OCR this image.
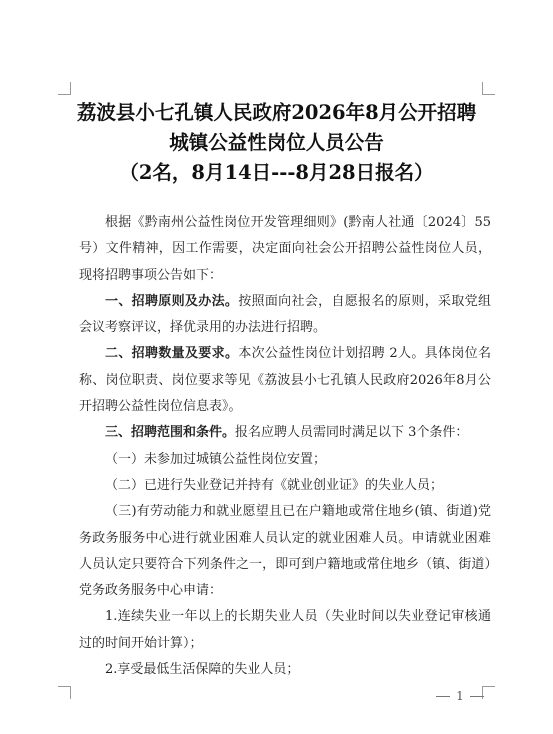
荔波县小七孔镇人民政府2026年8月公开招聘
城镇公益性岗位人员公告
（2名，8月14日---8月28日报名）

根据《黔南州公益性岗位开发管理细则》(黔南人社通〔2024〕55号）文件精神，因工作需要，决定面向社会公开招聘公益性岗位人员，现将招聘事项公告如下：

一、招聘原则及办法。按照面向社会，自愿报名的原则，采取党组会议考察评议，择优录用的办法进行招聘。

二、招聘数量及要求。本次公益性岗位计划招聘 2人。具体岗位名称、岗位职责、岗位要求等见《荔波县小七孔镇人民政府2026年8月公开招聘公益性岗位信息表》。

三、招聘范围和条件。报名应聘人员需同时满足以下 3个条件：

（一）未参加过城镇公益性岗位安置；

（二）已进行失业登记并持有《就业创业证》的失业人员；

（三)有劳动能力和就业愿望且已在户籍地或常住地乡(镇、街道)党务政务服务中心进行就业困难人员认定的就业困难人员。申请就业困难人员认定只要符合下列条件之一，即可到户籍地或常住地乡（镇、街道）党务政务服务中心申请：

1.连续失业一年以上的长期失业人员（失业时间以失业登记审核通过的时间开始计算）；

2.享受最低生活保障的失业人员；

1
